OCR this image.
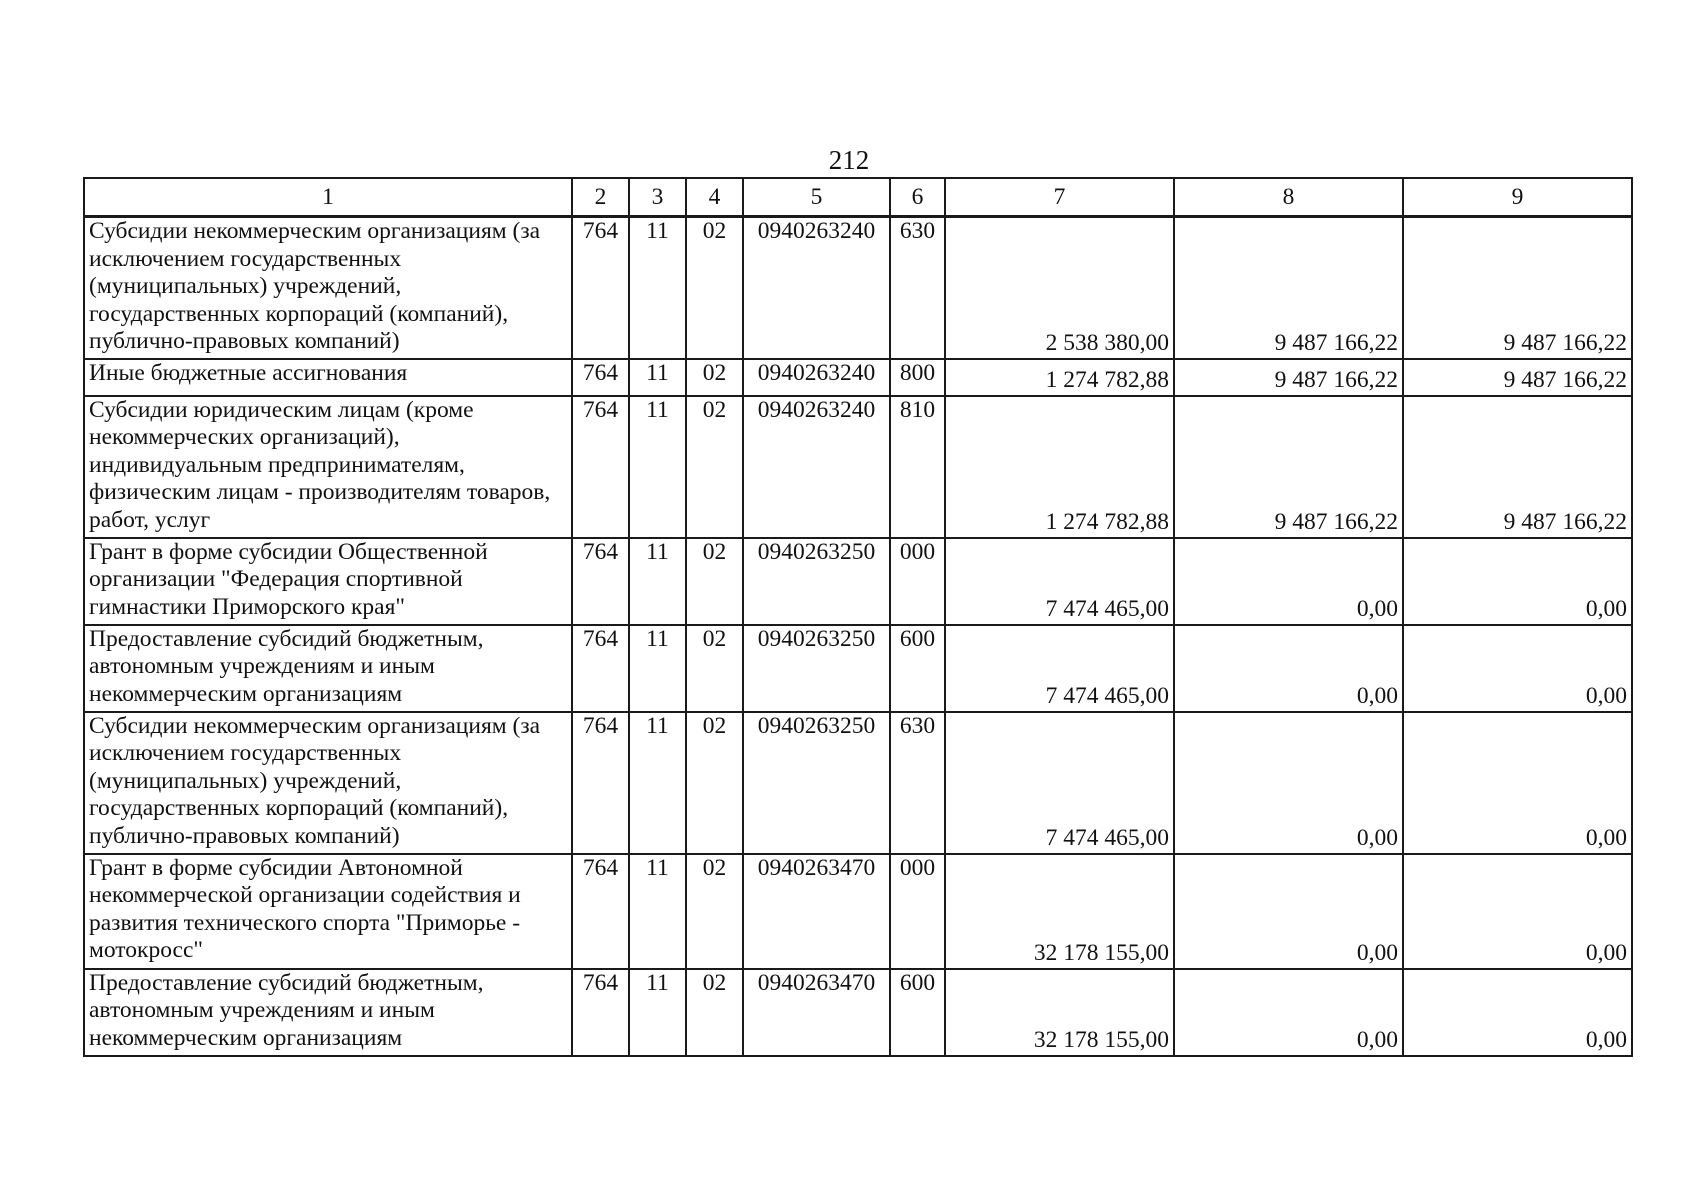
212
1	2	3	4	5	6	7	8	9
Субсидии некоммерческим организациям (за исключением государственных (муниципальных) учреждений, государственных корпораций (компаний), публично-правовых компаний)	764	11	02	0940263240	630	2 538 380,00	9 487 166,22	9 487 166,22
Иные бюджетные ассигнования	764	11	02	0940263240	800	1 274 782,88	9 487 166,22	9 487 166,22
Субсидии юридическим лицам (кроме некоммерческих организаций), индивидуальным предпринимателям, физическим лицам - производителям товаров, работ, услуг	764	11	02	0940263240	810	1 274 782,88	9 487 166,22	9 487 166,22
Грант в форме субсидии Общественной организации "Федерация спортивной гимнастики Приморского края"	764	11	02	0940263250	000	7 474 465,00	0,00	0,00
Предоставление субсидий бюджетным, автономным учреждениям и иным некоммерческим организациям	764	11	02	0940263250	600	7 474 465,00	0,00	0,00
Субсидии некоммерческим организациям (за исключением государственных (муниципальных) учреждений, государственных корпораций (компаний), публично-правовых компаний)	764	11	02	0940263250	630	7 474 465,00	0,00	0,00
Грант в форме субсидии Автономной некоммерческой организации содействия и развития технического спорта "Приморье - мотокросс"	764	11	02	0940263470	000	32 178 155,00	0,00	0,00
Предоставление субсидий бюджетным, автономным учреждениям и иным некоммерческим организациям	764	11	02	0940263470	600	32 178 155,00	0,00	0,00
